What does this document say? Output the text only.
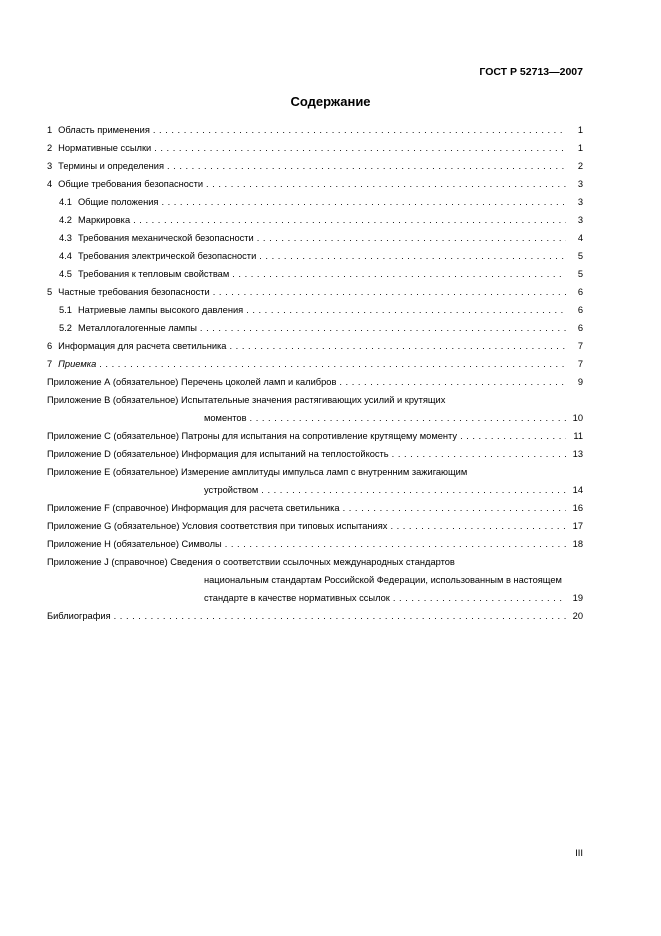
ГОСТ Р 52713—2007
Содержание
1 Область применения . . .	1
2 Нормативные ссылки . . .	1
3 Термины и определения . . .	2
4 Общие требования безопасности . . .	3
4.1 Общие положения . . .	3
4.2 Маркировка . . .	3
4.3 Требования механической безопасности . . .	4
4.4 Требования электрической безопасности . . .	5
4.5 Требования к тепловым свойствам . . .	5
5 Частные требования безопасности . . .	6
5.1 Натриевые лампы высокого давления . . .	6
5.2 Металлогалогенные лампы . . .	6
6 Информация для расчета светильника . . .	7
7 Приемка . . .	7
Приложение А (обязательное) Перечень цоколей ламп и калибров . . .	9
Приложение В (обязательное) Испытательные значения растягивающих усилий и крутящих
моментов . . .	10
Приложение С (обязательное) Патроны для испытания на сопротивление крутящему моменту . . .	11
Приложение D (обязательное) Информация для испытаний на теплостойкость . . .	13
Приложение Е (обязательное) Измерение амплитуды импульса ламп с внутренним зажигающим
устройством . . .	14
Приложение F (справочное) Информация для расчета светильника . . .	16
Приложение G (обязательное) Условия соответствия при типовых испытаниях . . .	17
Приложение Н (обязательное) Символы . . .	18
Приложение J (справочное) Сведения о соответствии ссылочных международных стандартов
национальным стандартам Российской Федерации, использованным в настоящем
стандарте в качестве нормативных ссылок . . .	19
Библиография . . .	20
III
